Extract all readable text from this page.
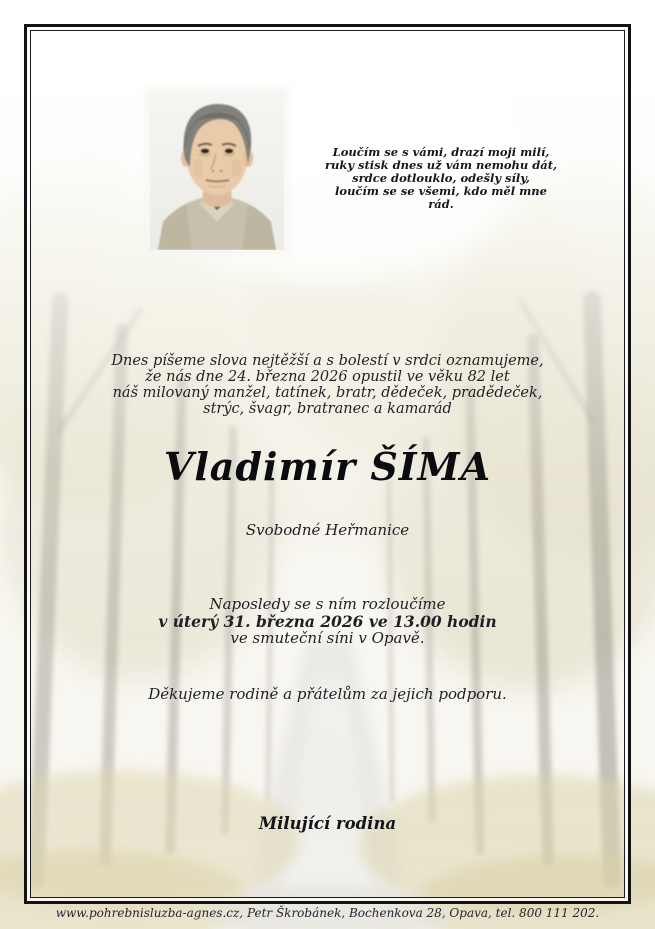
Loučím se s vámi, drazí moji milí,
ruky stisk dnes už vám nemohu dát,
srdce dotlouklo, odešly síly,
loučím se se všemi, kdo měl mne rád.
Dnes píšeme slova nejtěžší a s bolestí v srdci oznamujeme,
že nás dne 24. března 2026 opustil ve věku 82 let
náš milovaný manžel, tatínek, bratr, dědeček, pradědeček,
strýc, švagr, bratranec a kamarád
Vladimír ŠÍMA
Svobodné Heřmanice
Naposledy se s ním rozloučíme
v úterý 31. března 2026 ve 13.00 hodin
ve smuteční síni v Opavě.
Děkujeme rodině a přátelům za jejich podporu.
Milující rodina
www.pohrebnisluzba-agnes.cz, Petr Škrobánek, Bochenkova 28, Opava, tel. 800 111 202.
